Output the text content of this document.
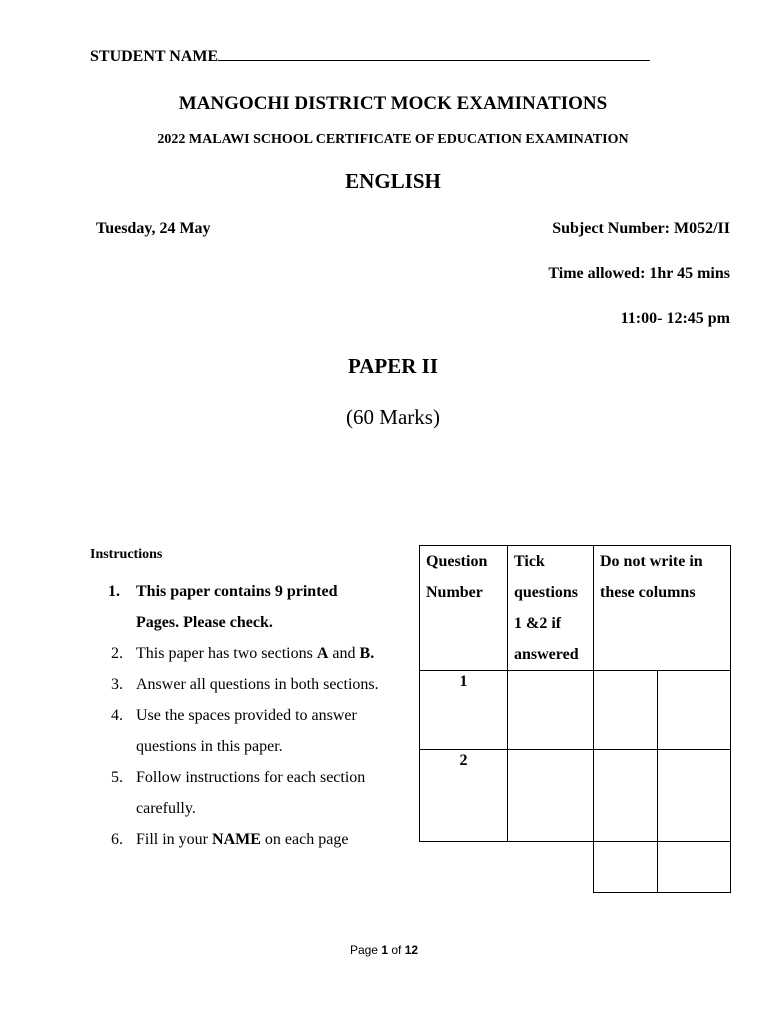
STUDENT NAME
MANGOCHI DISTRICT MOCK EXAMINATIONS
2022 MALAWI SCHOOL CERTIFICATE OF EDUCATION EXAMINATION
ENGLISH
Tuesday, 24 May	Subject Number: M052/II
Time allowed: 1hr 45 mins
11:00- 12:45 pm
PAPER II
(60 Marks)
Instructions
1. This paper contains 9 printed
Pages. Please check.
2. This paper has two sections A and B.
3. Answer all questions in both sections.
4. Use the spaces provided to answer
questions in this paper.
5. Follow instructions for each section
carefully.
6. Fill in your NAME on each page
Question
Number
Tick
questions
1 &2 if
answered
Do not write in
these columns
1
2
Page 1 of 12
